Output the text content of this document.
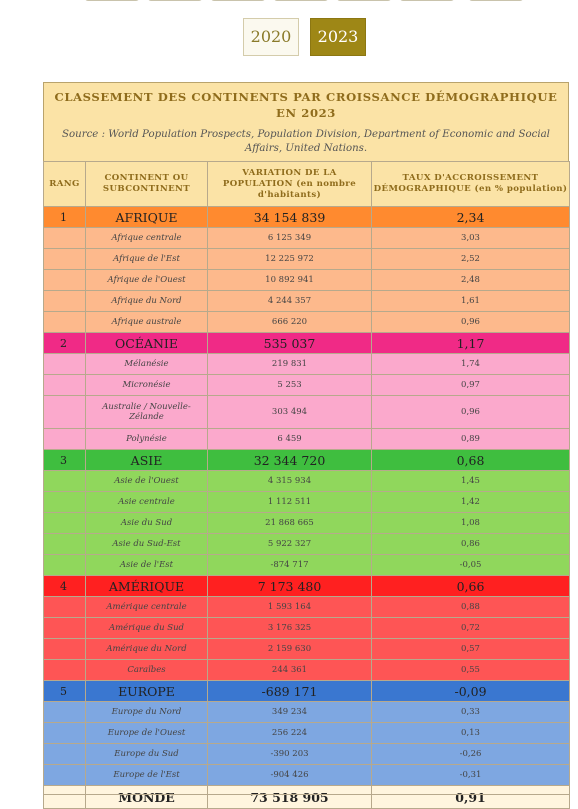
2020	2023
CLASSEMENT DES CONTINENTS PAR CROISSANCE DÉMOGRAPHIQUE EN 2023
Source : World Population Prospects, Population Division, Department of Economic and Social Affairs, United Nations.
RANG	CONTINENT OU SUBCONTINENT	VARIATION DE LA POPULATION (en nombre d'habitants)	TAUX D'ACCROISSEMENT DÉMOGRAPHIQUE (en % population)
1	AFRIQUE	34 154 839	2,34
	Afrique centrale	6 125 349	3,03
	Afrique de l'Est	12 225 972	2,52
	Afrique de l'Ouest	10 892 941	2,48
	Afrique du Nord	4 244 357	1,61
	Afrique australe	666 220	0,96
2	OCÉANIE	535 037	1,17
	Mélanésie	219 831	1,74
	Micronésie	5 253	0,97
	Australie / Nouvelle-Zélande	303 494	0,96
	Polynésie	6 459	0,89
3	ASIE	32 344 720	0,68
	Asie de l'Ouest	4 315 934	1,45
	Asie centrale	1 112 511	1,42
	Asie du Sud	21 868 665	1,08
	Asie du Sud-Est	5 922 327	0,86
	Asie de l'Est	-874 717	-0,05
4	AMÉRIQUE	7 173 480	0,66
	Amérique centrale	1 593 164	0,88
	Amérique du Sud	3 176 325	0,72
	Amérique du Nord	2 159 630	0,57
	Caraïbes	244 361	0,55
5	EUROPE	-689 171	-0,09
	Europe du Nord	349 234	0,33
	Europe de l'Ouest	256 224	0,13
	Europe du Sud	-390 203	-0,26
	Europe de l'Est	-904 426	-0,31
	MONDE	73 518 905	0,91
